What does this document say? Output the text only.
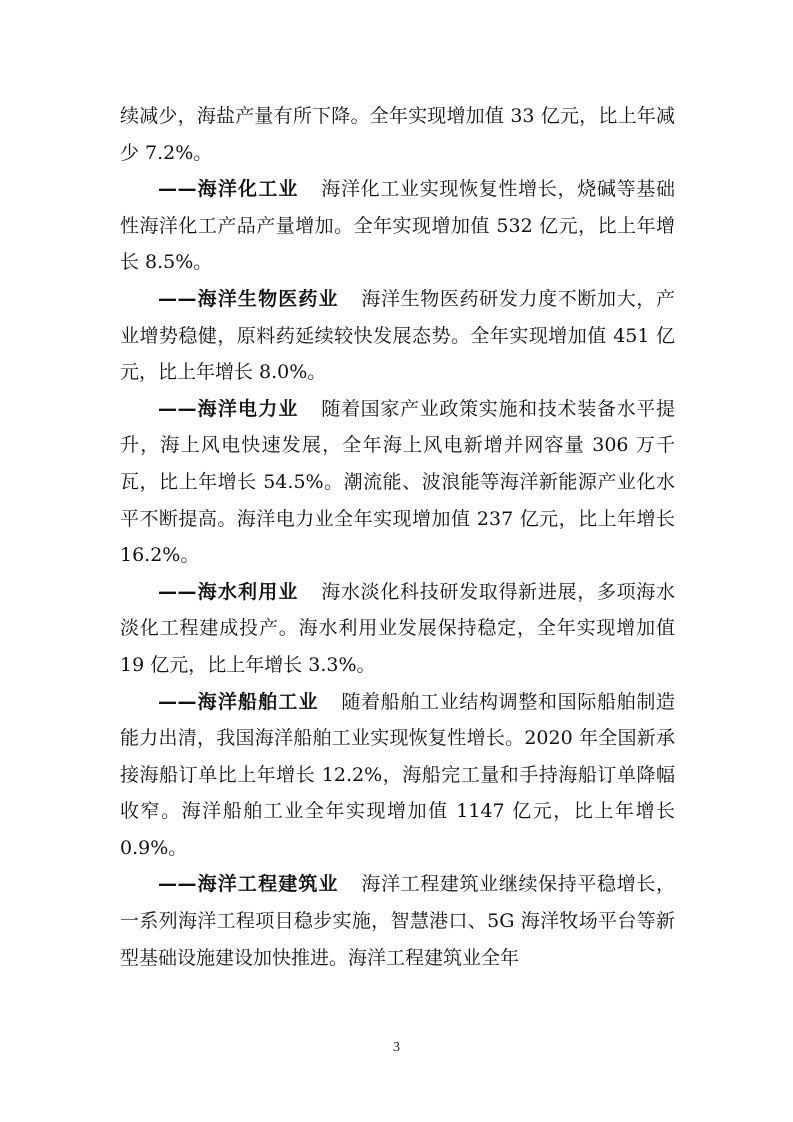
续减少，海盐产量有所下降。全年实现增加值 33 亿元，比上年减少 7.2%。

——海洋化工业 海洋化工业实现恢复性增长，烧碱等基础性海洋化工产品产量增加。全年实现增加值 532 亿元，比上年增长 8.5%。

——海洋生物医药业 海洋生物医药研发力度不断加大，产业增势稳健，原料药延续较快发展态势。全年实现增加值 451 亿元，比上年增长 8.0%。

——海洋电力业 随着国家产业政策实施和技术装备水平提升，海上风电快速发展，全年海上风电新增并网容量 306 万千瓦，比上年增长 54.5%。潮流能、波浪能等海洋新能源产业化水平不断提高。海洋电力业全年实现增加值 237 亿元，比上年增长 16.2%。

——海水利用业 海水淡化科技研发取得新进展，多项海水淡化工程建成投产。海水利用业发展保持稳定，全年实现增加值 19 亿元，比上年增长 3.3%。

——海洋船舶工业 随着船舶工业结构调整和国际船舶制造能力出清，我国海洋船舶工业实现恢复性增长。2020 年全国新承接海船订单比上年增长 12.2%，海船完工量和手持海船订单降幅收窄。海洋船舶工业全年实现增加值 1147 亿元，比上年增长 0.9%。

——海洋工程建筑业 海洋工程建筑业继续保持平稳增长，一系列海洋工程项目稳步实施，智慧港口、5G 海洋牧场平台等新型基础设施建设加快推进。海洋工程建筑业全年

3
